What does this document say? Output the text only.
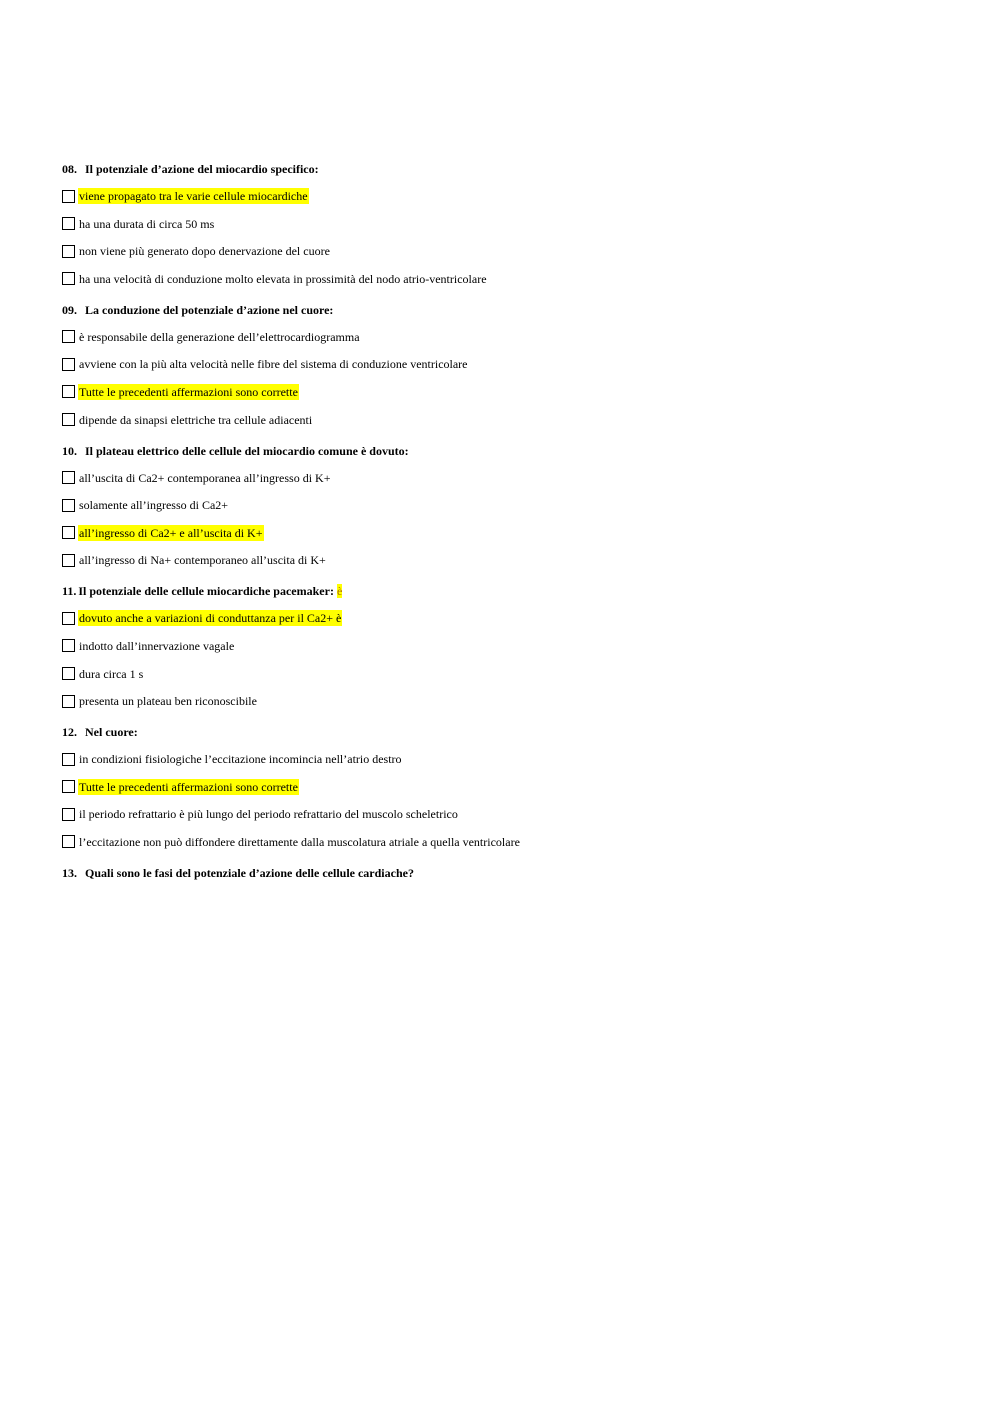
08. Il potenziale d’azione del miocardio specifico:
viene propagato tra le varie cellule miocardiche
ha una durata di circa 50 ms
non viene più generato dopo denervazione del cuore
ha una velocità di conduzione molto elevata in prossimità del nodo atrio-ventricolare
09. La conduzione del potenziale d’azione nel cuore:
è responsabile della generazione dell’elettrocardiogramma
avviene con la più alta velocità nelle fibre del sistema di conduzione ventricolare
Tutte le precedenti affermazioni sono corrette
dipende da sinapsi elettriche tra cellule adiacenti
10. Il plateau elettrico delle cellule del miocardio comune è dovuto:
all’uscita di Ca2+ contemporanea all’ingresso di K+
solamente all’ingresso di Ca2+
all’ingresso di Ca2+ e all’uscita di K+
all’ingresso di Na+ contemporaneo all’uscita di K+
11. Il potenziale delle cellule miocardiche pacemaker: è
dovuto anche a variazioni di conduttanza per il Ca2+ è
indotto dall’innervazione vagale
dura circa 1 s
presenta un plateau ben riconoscibile
12. Nel cuore:
in condizioni fisiologiche l’eccitazione incomincia nell’atrio destro
Tutte le precedenti affermazioni sono corrette
il periodo refrattario è più lungo del periodo refrattario del muscolo scheletrico
l’eccitazione non può diffondere direttamente dalla muscolatura atriale a quella ventricolare
13. Quali sono le fasi del potenziale d’azione delle cellule cardiache?
